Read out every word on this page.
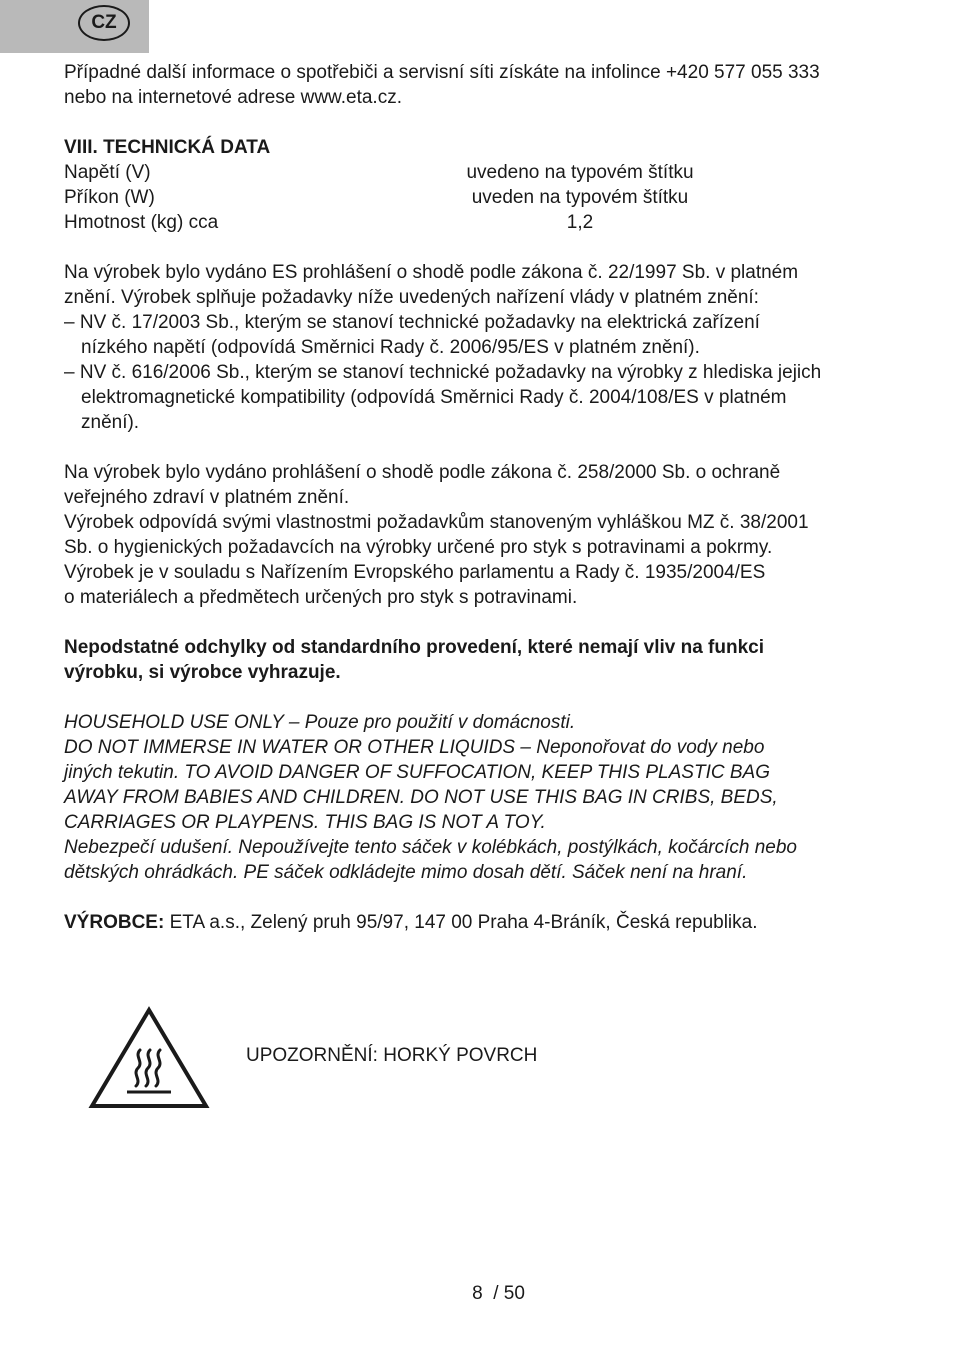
CZ
Případné další informace o spotřebiči a servisní síti získáte na infolince +420 577 055 333
nebo na internetové adrese www.eta.cz.
VIII. TECHNICKÁ DATA
Napětí (V)	uvedeno na typovém štítku
Příkon (W)	uveden na typovém štítku
Hmotnost (kg) cca	1,2
Na výrobek bylo vydáno ES prohlášení o shodě podle zákona č. 22/1997 Sb. v platném
znění. Výrobek splňuje požadavky níže uvedených nařízení vlády v platném znění:
– NV č. 17/2003 Sb., kterým se stanoví technické požadavky na elektrická zařízení
nízkého napětí (odpovídá Směrnici Rady č. 2006/95/ES v platném znění).
– NV č. 616/2006 Sb., kterým se stanoví technické požadavky na výrobky z hlediska jejich
elektromagnetické kompatibility (odpovídá Směrnici Rady č. 2004/108/ES v platném
znění).
Na výrobek bylo vydáno prohlášení o shodě podle zákona č. 258/2000 Sb. o ochraně
veřejného zdraví v platném znění.
Výrobek odpovídá svými vlastnostmi požadavkům stanoveným vyhláškou MZ č. 38/2001
Sb. o hygienických požadavcích na výrobky určené pro styk s potravinami a pokrmy.
Výrobek je v souladu s Nařízením Evropského parlamentu a Rady č. 1935/2004/ES
o materiálech a předmětech určených pro styk s potravinami.
Nepodstatné odchylky od standardního provedení, které nemají vliv na funkci
výrobku, si výrobce vyhrazuje.
HOUSEHOLD USE ONLY – Pouze pro použití v domácnosti.
DO NOT IMMERSE IN WATER OR OTHER LIQUIDS – Neponořovat do vody nebo
jiných tekutin. TO AVOID DANGER OF SUFFOCATION, KEEP THIS PLASTIC BAG
AWAY FROM BABIES AND CHILDREN. DO NOT USE THIS BAG IN CRIBS, BEDS,
CARRIAGES OR PLAYPENS. THIS BAG IS NOT A TOY.
Nebezpečí udušení. Nepoužívejte tento sáček v kolébkách, postýlkách, kočárcích nebo
dětských ohrádkách. PE sáček odkládejte mimo dosah dětí. Sáček není na hraní.
VÝROBCE: ETA a.s., Zelený pruh 95/97, 147 00 Praha 4-Bráník, Česká republika.
UPOZORNĚNÍ: HORKÝ POVRCH
8  / 50
